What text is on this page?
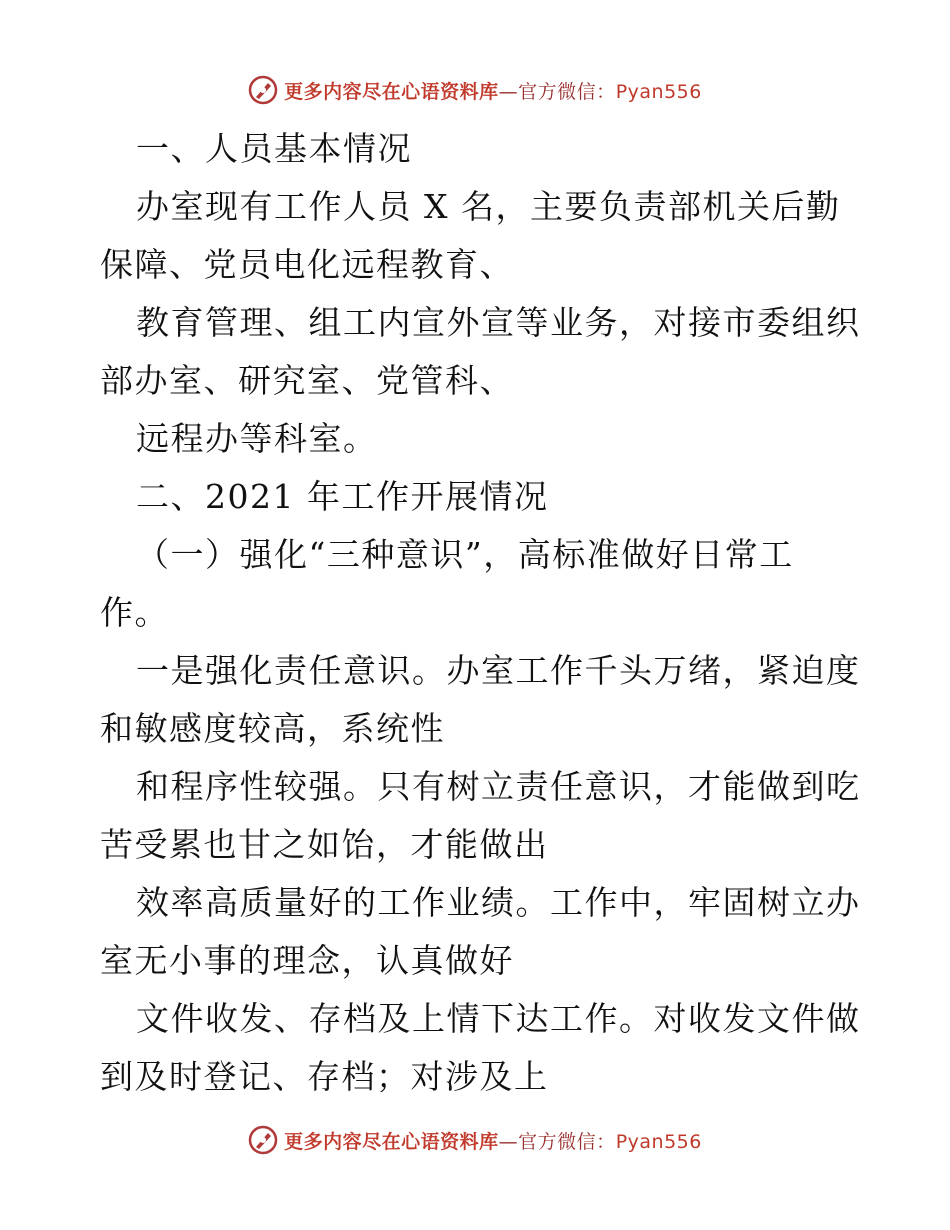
更多内容尽在心语资料库—官方微信：Pyan556
一、人员基本情况
办室现有工作人员 X 名，主要负责部机关后勤
保障、党员电化远程教育、
教育管理、组工内宣外宣等业务，对接市委组织
部办室、研究室、党管科、
远程办等科室。
二、2021 年工作开展情况
（一）强化“三种意识”，高标准做好日常工
作。
一是强化责任意识。办室工作千头万绪，紧迫度
和敏感度较高，系统性
和程序性较强。只有树立责任意识，才能做到吃
苦受累也甘之如饴，才能做出
效率高质量好的工作业绩。工作中，牢固树立办
室无小事的理念，认真做好
文件收发、存档及上情下达工作。对收发文件做
到及时登记、存档；对涉及上
更多内容尽在心语资料库—官方微信：Pyan556
